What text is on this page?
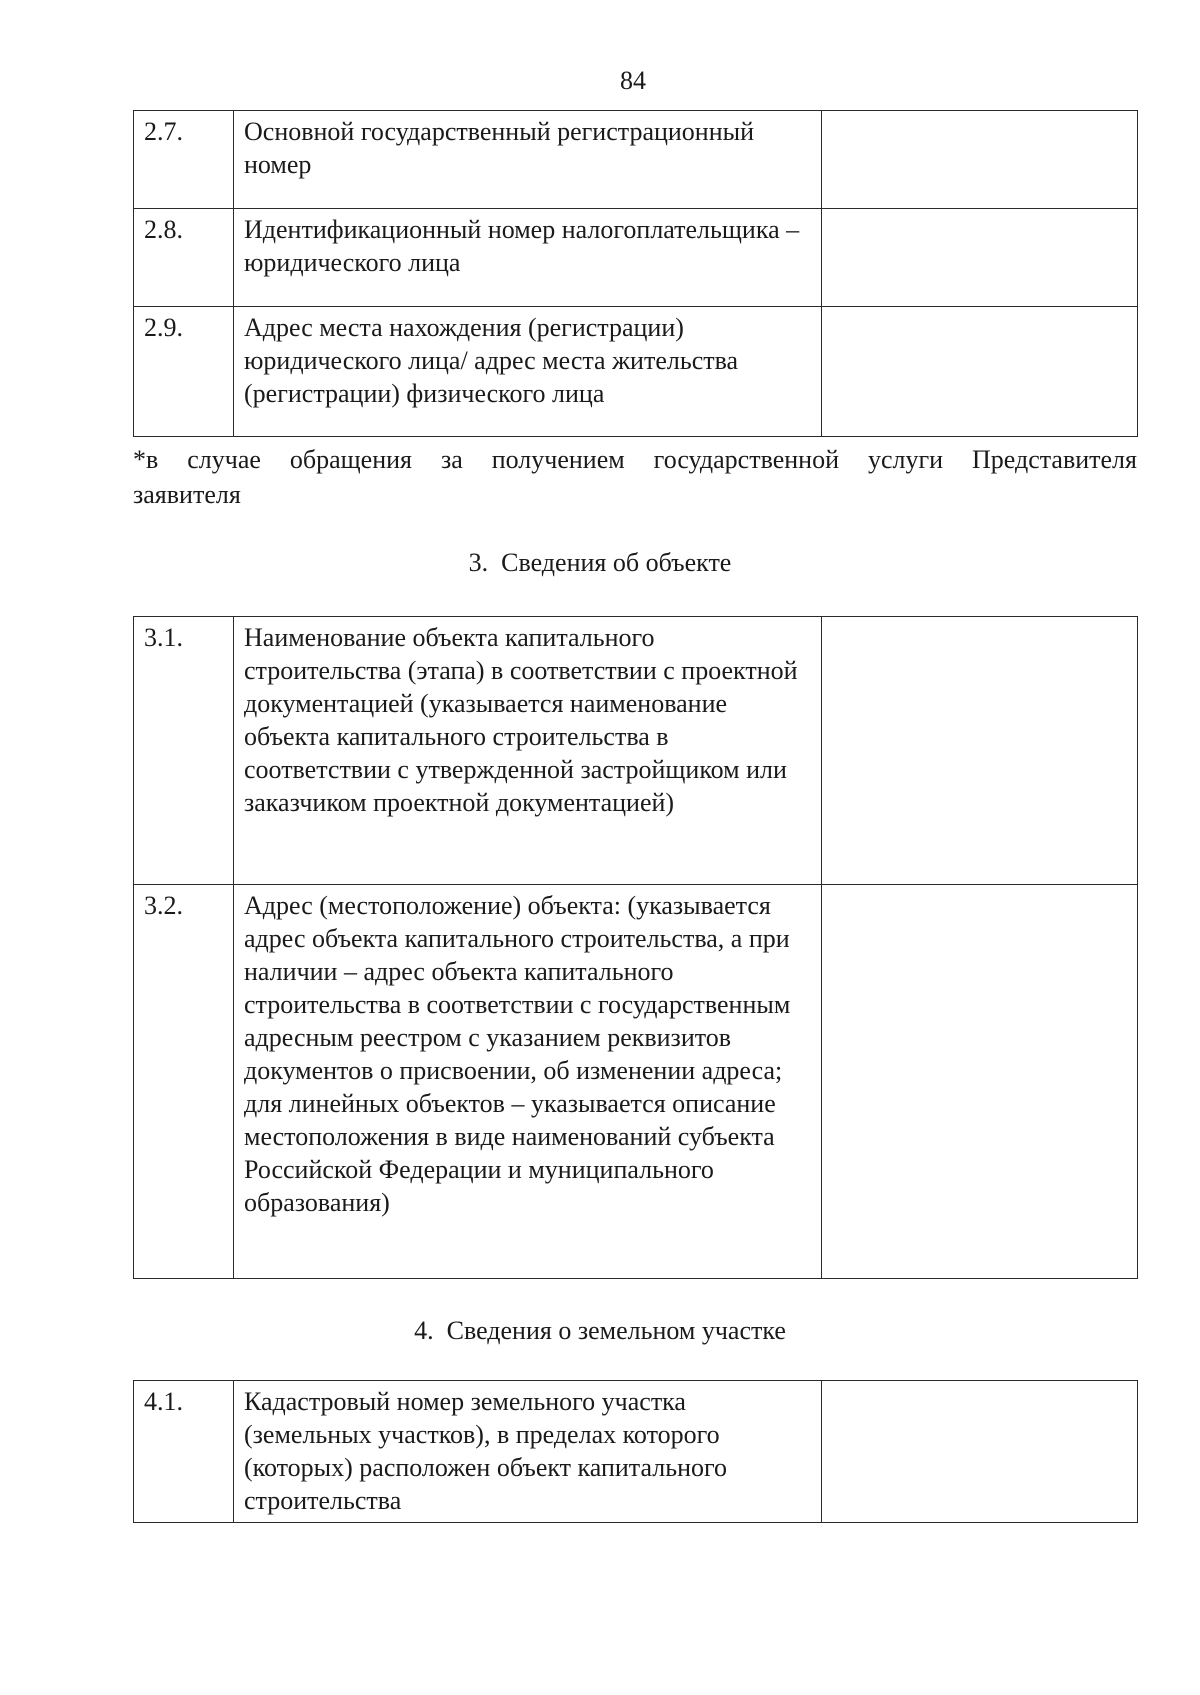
84
2.7.	Основной государственный регистрационный номер	
2.8.	Идентификационный номер налогоплательщика – юридического лица	
2.9.	Адрес места нахождения (регистрации) юридического лица/ адрес места жительства (регистрации) физического лица	
*в случае обращения за получением государственной услуги Представителя
заявителя
3. Сведения об объекте
3.1.	Наименование объекта капитального строительства (этапа) в соответствии с проектной документацией (указывается наименование объекта капитального строительства в соответствии с утвержденной застройщиком или заказчиком проектной документацией)	
3.2.	Адрес (местоположение) объекта: (указывается адрес объекта капитального строительства, а при наличии – адрес объекта капитального строительства в соответствии с государственным адресным реестром с указанием реквизитов документов о присвоении, об изменении адреса; для линейных объектов – указывается описание местоположения в виде наименований субъекта Российской Федерации и муниципального образования)	
4. Сведения о земельном участке
4.1.	Кадастровый номер земельного участка (земельных участков), в пределах которого (которых) расположен объект капитального строительства	
